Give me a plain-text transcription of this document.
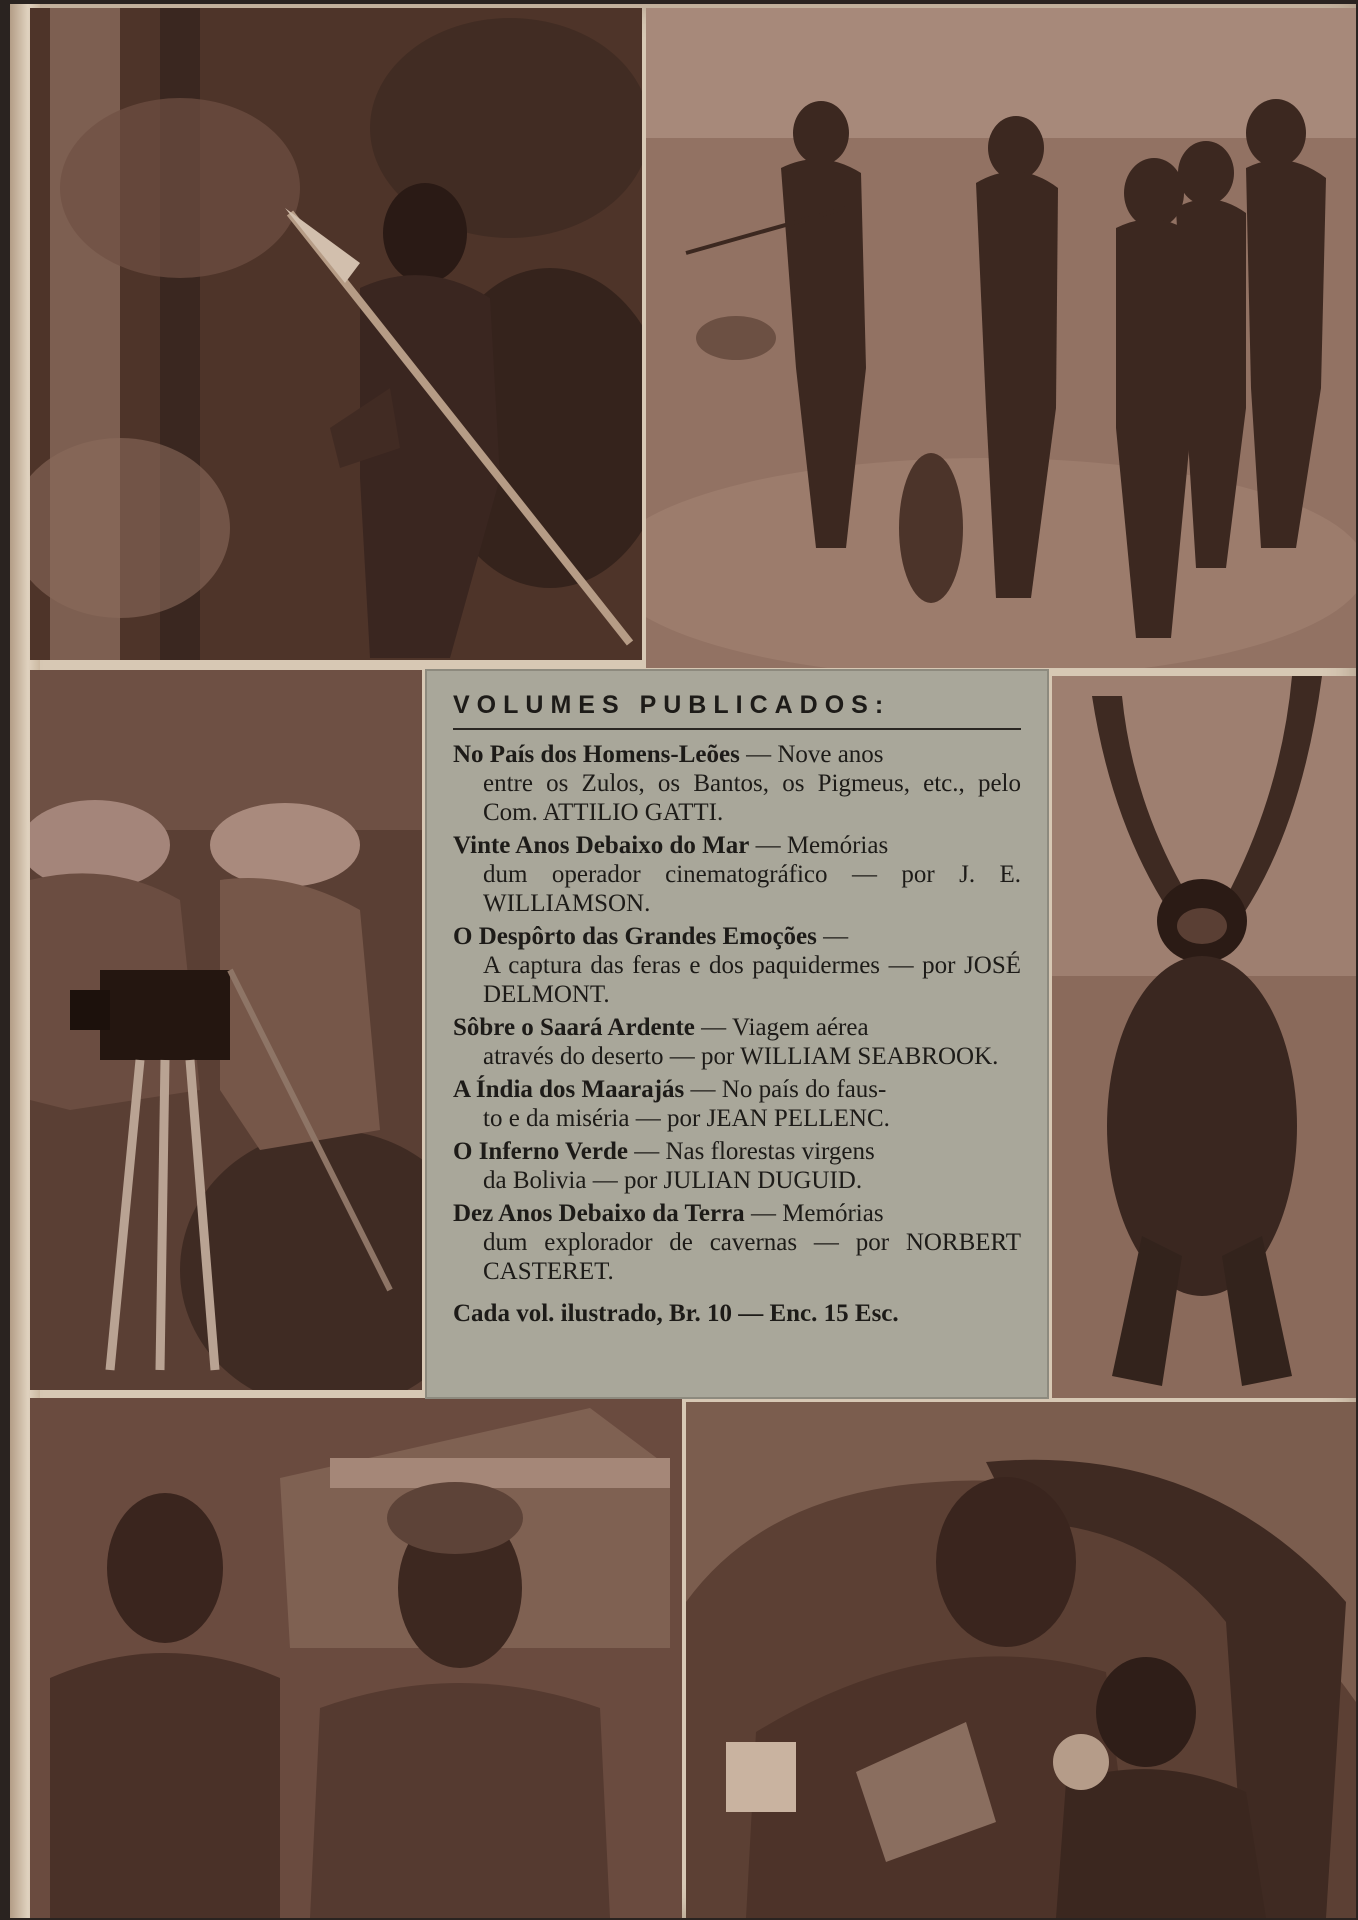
VOLUMES PUBLICADOS:
No País dos Homens-Leões — Nove anos
entre os Zulos, os Bantos, os Pigmeus, etc., pelo Com. ATTILIO GATTI.
Vinte Anos Debaixo do Mar — Memórias
dum operador cinematográfico — por J. E. WILLIAMSON.
O Despôrto das Grandes Emoções —
A captura das feras e dos paquidermes — por JOSÉ DELMONT.
Sôbre o Saará Ardente — Viagem aérea
através do deserto — por WILLIAM SEABROOK.
A Índia dos Maarajás — No país do faus-
to e da miséria — por JEAN PELLENC.
O Inferno Verde — Nas florestas virgens
da Bolivia — por JULIAN DUGUID.
Dez Anos Debaixo da Terra — Memórias
dum explorador de cavernas — por NORBERT CASTERET.
Cada vol. ilustrado, Br. 10 — Enc. 15 Esc.
